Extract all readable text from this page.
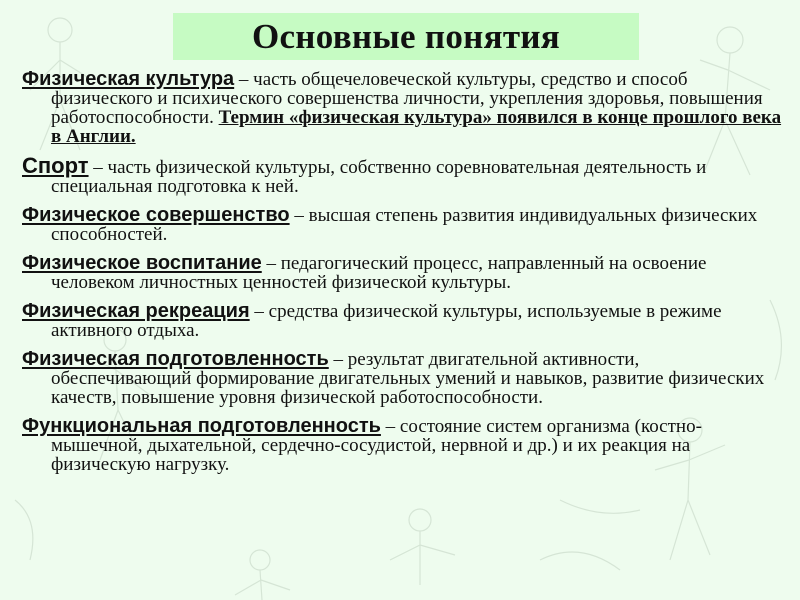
Основные понятия
Физическая культура – часть общечеловеческой культуры, средство и способ физического и психического совершенства личности, укрепления здоровья, повышения работоспособности. Термин «физическая культура» появился в конце прошлого века в Англии.
Спорт – часть физической культуры, собственно соревновательная деятельность и специальная подготовка к ней.
Физическое совершенство – высшая степень развития индивидуальных физических способностей.
Физическое воспитание – педагогический процесс, направленный на освоение человеком личностных ценностей физической культуры.
Физическая рекреация – средства физической культуры, используемые в режиме активного отдыха.
Физическая подготовленность – результат двигательной активности, обеспечивающий формирование двигательных умений и навыков, развитие физических качеств, повышение уровня физической работоспособности.
Функциональная подготовленность – состояние систем организма (костно-мышечной, дыхательной, сердечно-сосудистой, нервной и др.) и их реакция на физическую нагрузку.
